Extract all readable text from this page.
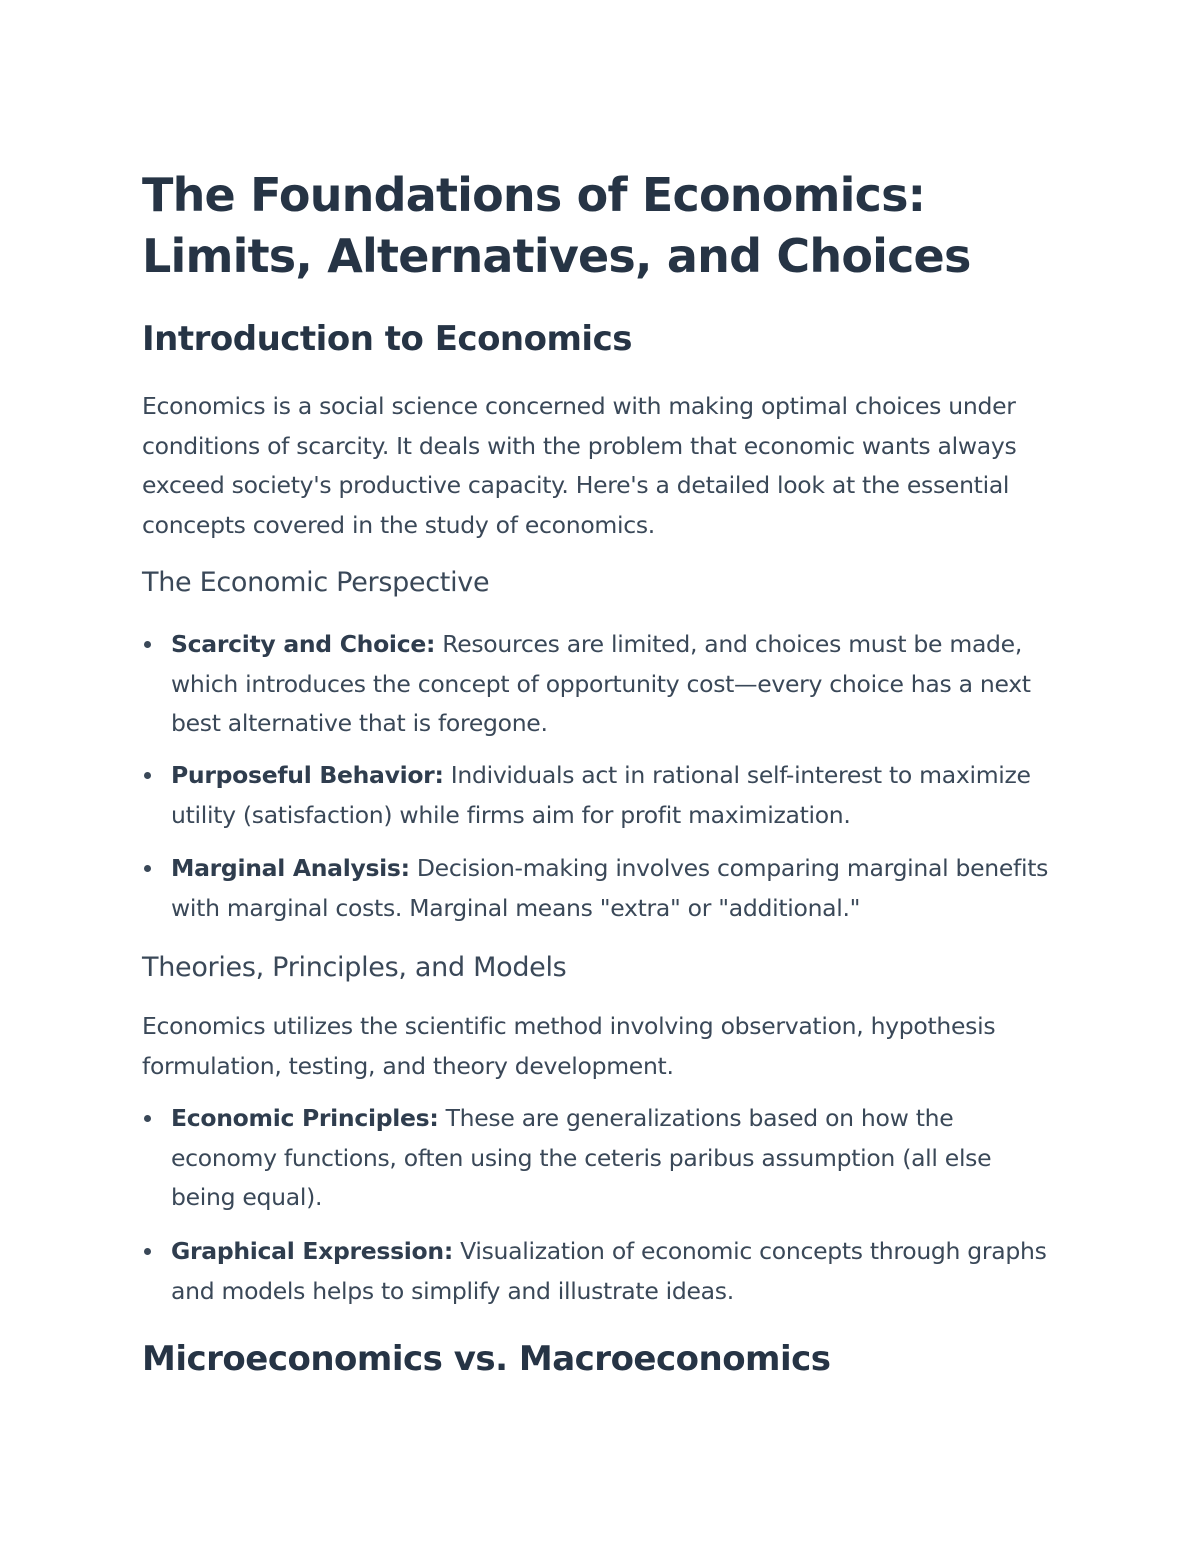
The Foundations of Economics: Limits, Alternatives, and Choices
Introduction to Economics

Economics is a social science concerned with making optimal choices under conditions of scarcity. It deals with the problem that economic wants always exceed society's productive capacity. Here's a detailed look at the essential concepts covered in the study of economics.

The Economic Perspective
Scarcity and Choice: Resources are limited, and choices must be made, which introduces the concept of opportunity cost—every choice has a next best alternative that is foregone.
Purposeful Behavior: Individuals act in rational self-interest to maximize utility (satisfaction) while firms aim for profit maximization.
Marginal Analysis: Decision-making involves comparing marginal benefits with marginal costs. Marginal means "extra" or "additional."
Theories, Principles, and Models

Economics utilizes the scientific method involving observation, hypothesis formulation, testing, and theory development.

Economic Principles: These are generalizations based on how the economy functions, often using the ceteris paribus assumption (all else being equal).
Graphical Expression: Visualization of economic concepts through graphs and models helps to simplify and illustrate ideas.
Microeconomics vs. Macroeconomics
